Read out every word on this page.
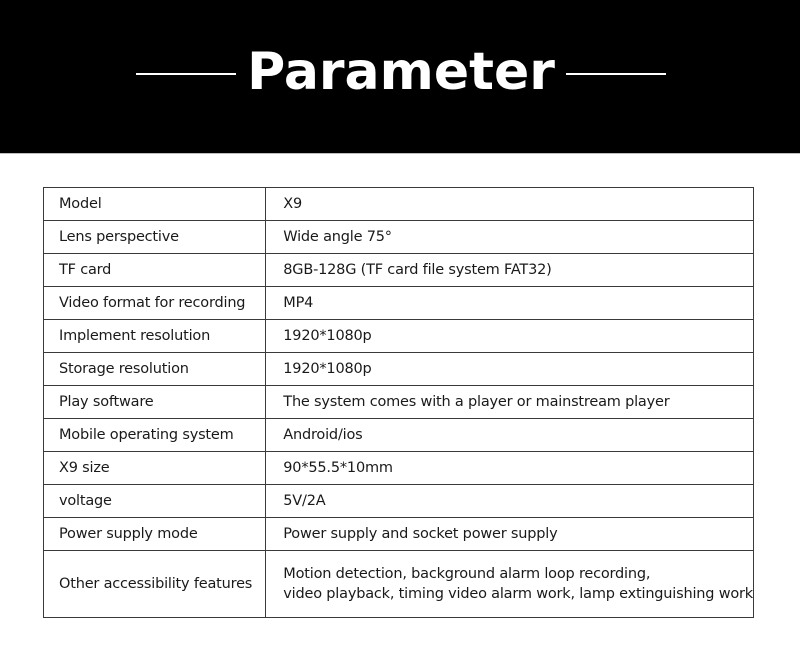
Parameter
Model	X9
Lens perspective	Wide angle 75°
TF card	8GB-128G (TF card file system FAT32)
Video format for recording	MP4
Implement resolution	1920*1080p
Storage resolution	1920*1080p
Play software	The system comes with a player or mainstream player
Mobile operating system	Android/ios
X9 size	90*55.5*10mm
voltage	5V/2A
Power supply mode	Power supply and socket power supply
Other accessibility features	Motion detection, background alarm loop recording,
video playback, timing video alarm work, lamp extinguishing work
